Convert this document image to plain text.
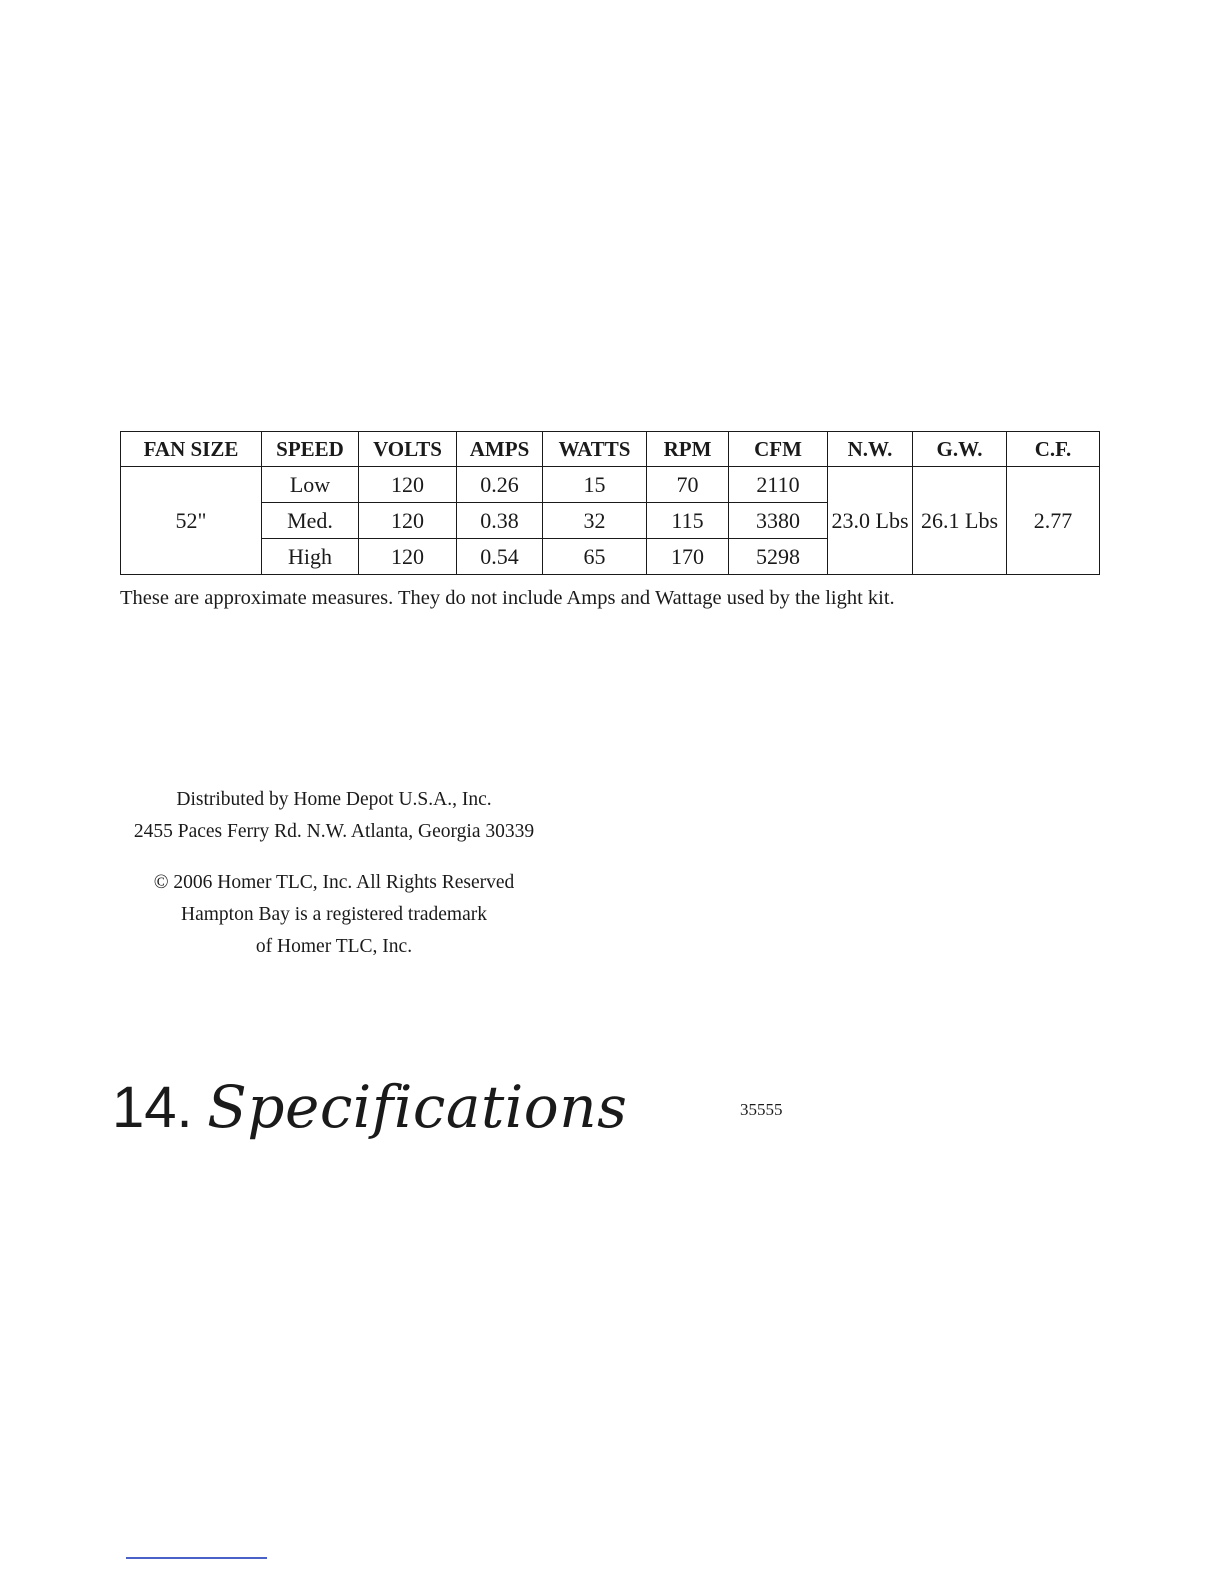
FAN SIZE	SPEED	VOLTS	AMPS	WATTS	RPM	CFM	N.W.	G.W.	C.F.
52"	Low	120	0.26	15	70	2110	23.0 Lbs	26.1 Lbs	2.77
	Med.	120	0.38	32	115	3380			
	High	120	0.54	65	170	5298			
These are approximate measures. They do not include Amps and Wattage used by the light kit.
Distributed by Home Depot U.S.A., Inc.
2455 Paces Ferry Rd. N.W. Atlanta, Georgia 30339
© 2006 Homer TLC, Inc. All Rights Reserved
Hampton Bay is a registered trademark
of Homer TLC, Inc.
14. Specifications	35555
